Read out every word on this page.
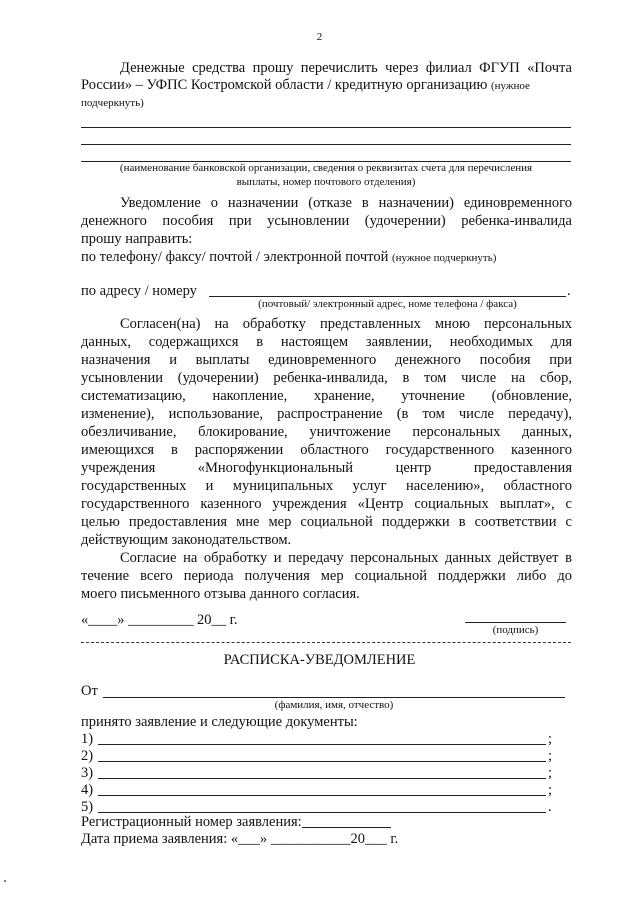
2
Денежные средства прошу перечислить через филиал ФГУП «Почта
России» – УФПС Костромской области / кредитную организацию (нужное
подчеркнуть)
(наименование банковской организации, сведения о реквизитах счета для перечисления
выплаты, номер почтового отделения)
Уведомление о назначении (отказе в назначении) единовременного
денежного пособия при усыновлении (удочерении) ребенка-инвалида
прошу направить:
по телефону/ факсу/ почтой / электронной почтой (нужное подчеркнуть)
по адресу / номеру	.
(почтовый/ электронный адрес, номе телефона / факса)
Согласен(на) на обработку представленных мною персональных
данных, содержащихся в настоящем заявлении, необходимых для
назначения и выплаты единовременного денежного пособия при
усыновлении (удочерении) ребенка-инвалида, в том числе на сбор,
систематизацию, накопление, хранение, уточнение (обновление,
изменение), использование, распространение (в том числе передачу),
обезличивание, блокирование, уничтожение персональных данных,
имеющихся в распоряжении областного государственного казенного
учреждения «Многофункциональный центр предоставления
государственных и муниципальных услуг населению», областного
государственного казенного учреждения «Центр социальных выплат», с
целью предоставления мне мер социальной поддержки в соответствии с
действующим законодательством.
Согласие на обработку и передачу персональных данных действует в
течение всего периода получения мер социальной поддержки либо до
моего письменного отзыва данного согласия.
«____» _________ 20__ г.
(подпись)
РАСПИСКА-УВЕДОМЛЕНИЕ
От
(фамилия, имя, отчество)
принято заявление и следующие документы:
1)	;
2)	;
3)	;
4)	;
5)	.
Регистрационный номер заявления:
Дата приема заявления: «___» ___________20___ г.
